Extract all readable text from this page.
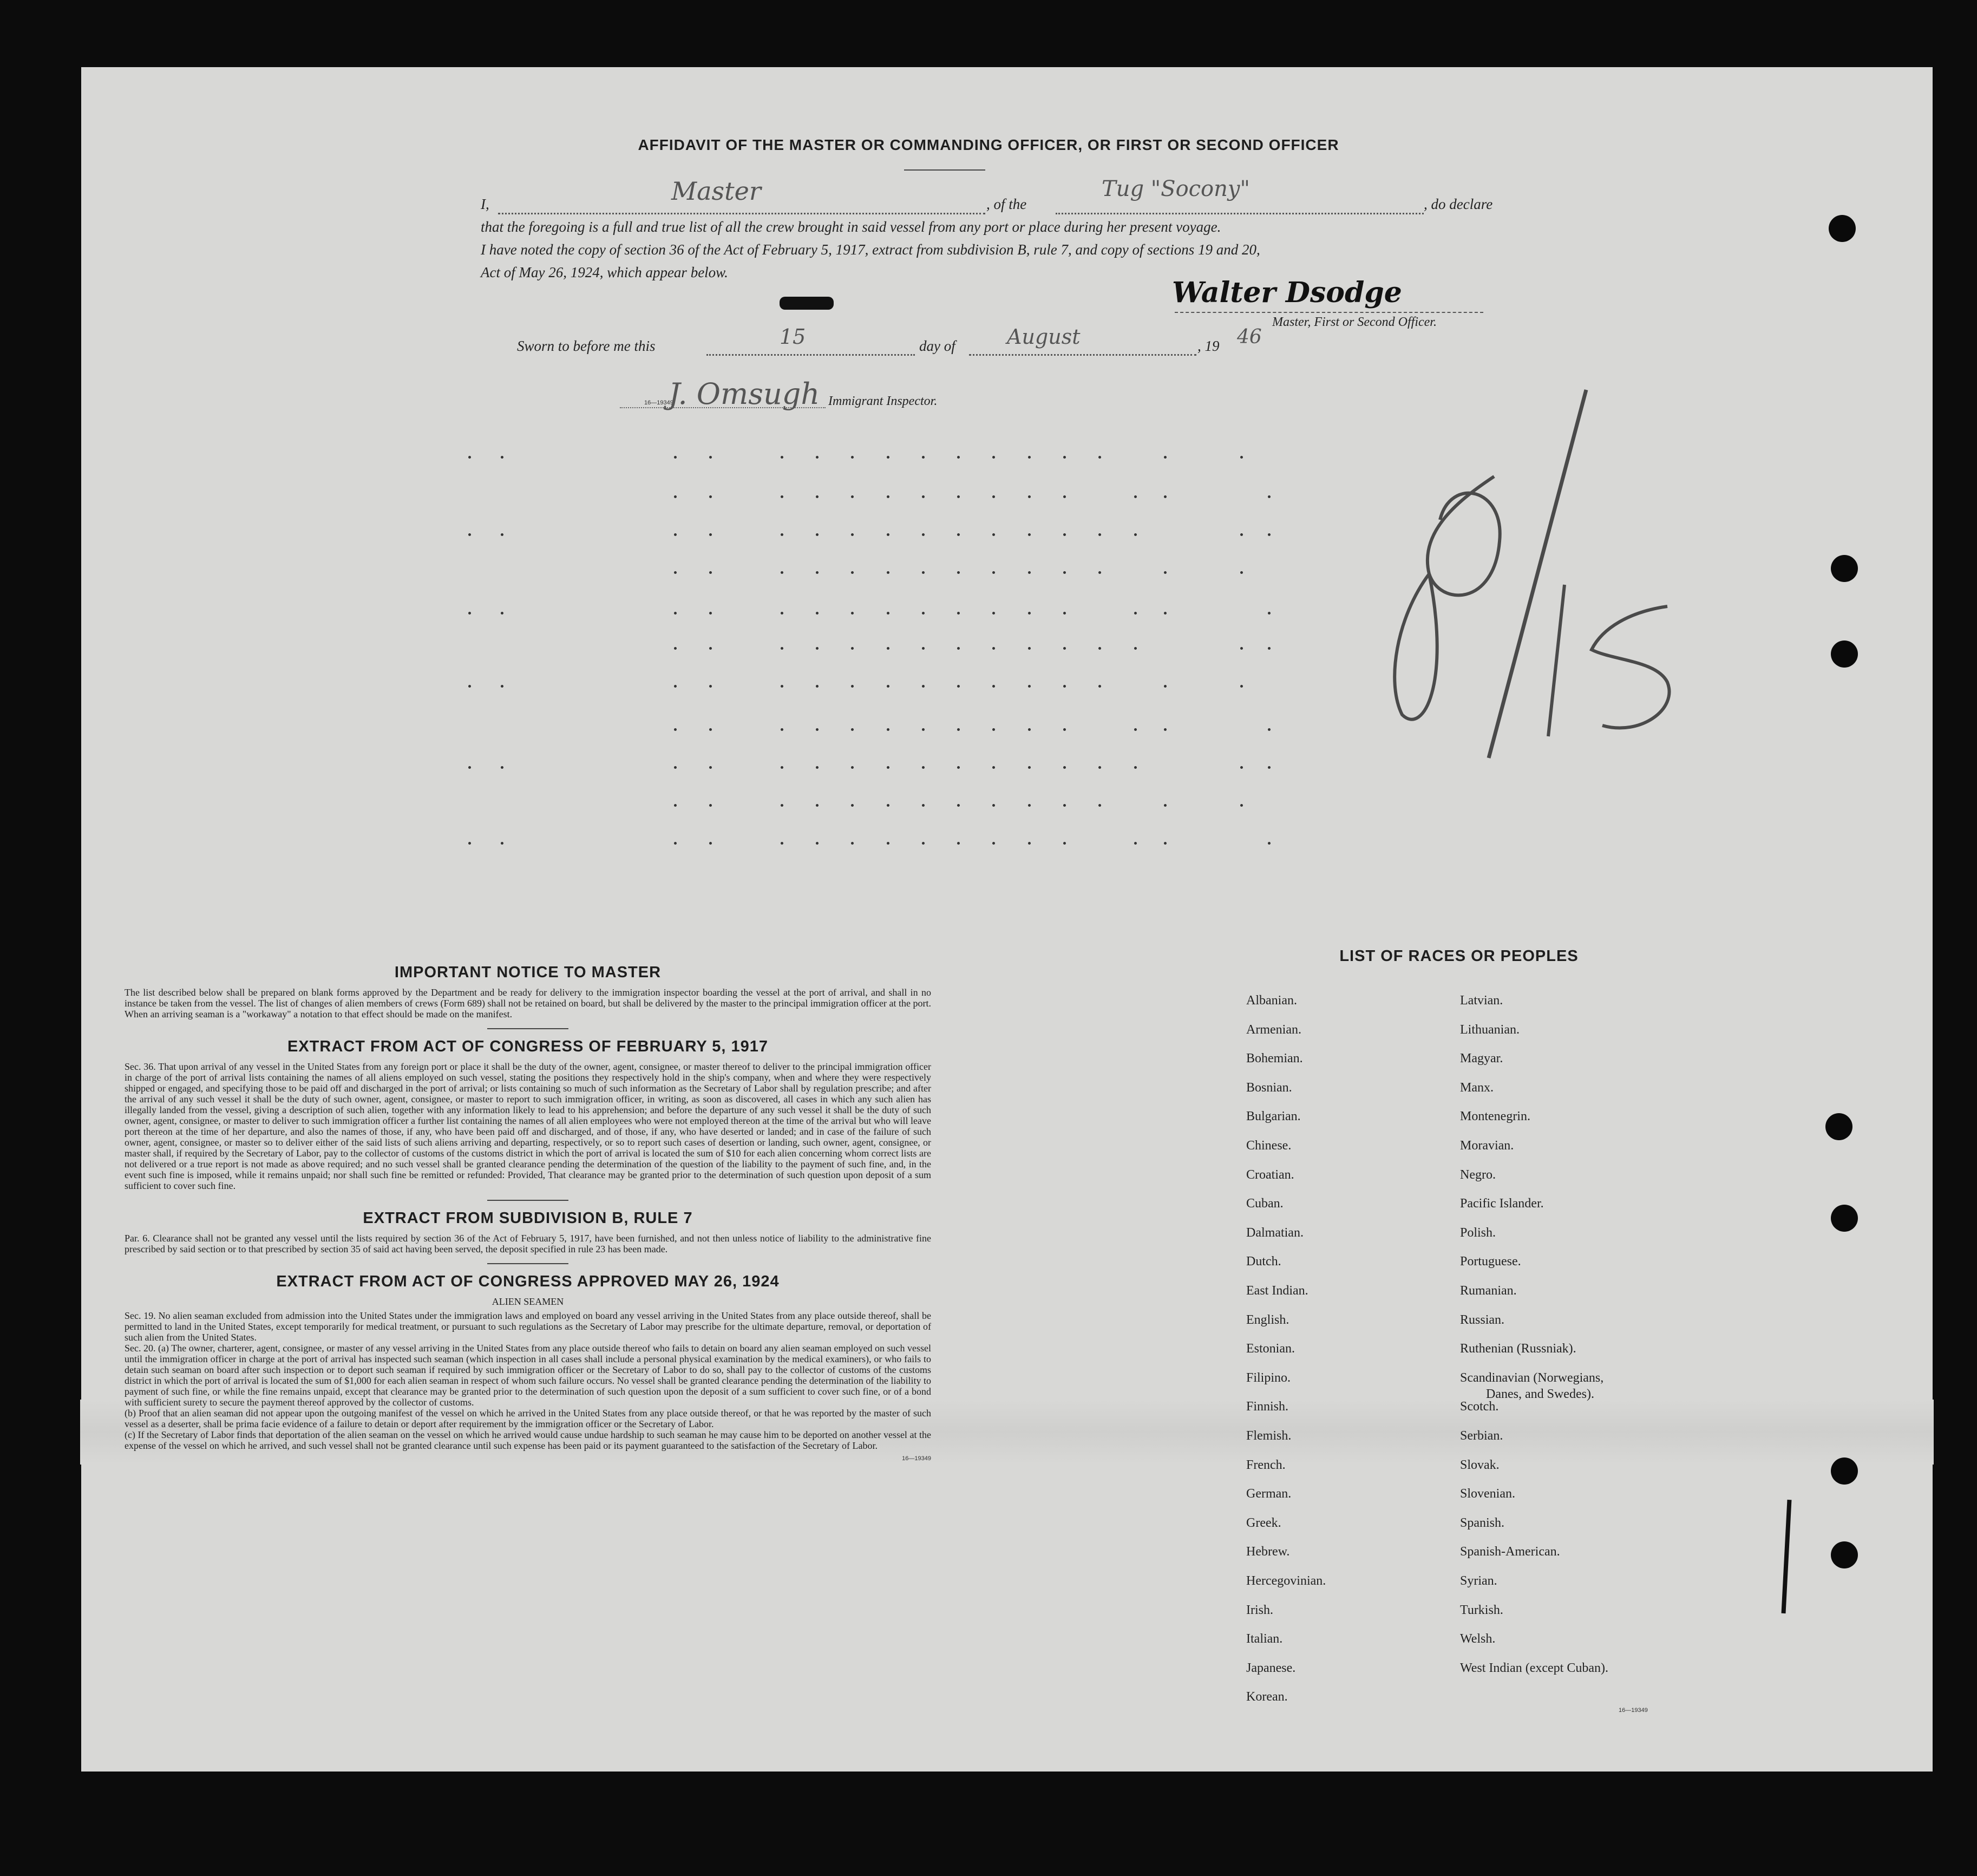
AFFIDAVIT OF THE MASTER OR COMMANDING OFFICER, OR FIRST OR SECOND OFFICER
I,	Master	, of the
Tug "Socony"
, do declare
that the foregoing is a full and true list of all the crew brought in said vessel from any port or place during her present voyage.
I have noted the copy of section 36 of the Act of February 5, 1917, extract from subdivision B, rule 7, and copy of sections 19 and 20,
Act of May 26, 1924, which appear below.
Walter Dsodge
Master, First or Second Officer.
Sworn to before me this	15	day of	August	, 19 46
16—19349
J. Omsugh Immigrant Inspector.

IMPORTANT NOTICE TO MASTER

The list described below shall be prepared on blank forms approved by the Department and be ready for delivery to the immigration inspector boarding the vessel at the port of arrival, and shall in no instance be taken from the vessel. The list of changes of alien members of crews (Form 689) shall not be retained on board, but shall be delivered by the master to the principal immigration officer at the port. When an arriving seaman is a "workaway" a notation to that effect should be made on the manifest.

EXTRACT FROM ACT OF CONGRESS OF FEBRUARY 5, 1917

Sec. 36. That upon arrival of any vessel in the United States from any foreign port or place it shall be the duty of the owner, agent, consignee, or master thereof to deliver to the principal immigration officer in charge of the port of arrival lists containing the names of all aliens employed on such vessel, stating the positions they respectively hold in the ship's company, when and where they were respectively shipped or engaged, and specifying those to be paid off and discharged in the port of arrival; or lists containing so much of such information as the Secretary of Labor shall by regulation prescribe; and after the arrival of any such vessel it shall be the duty of such owner, agent, consignee, or master to report to such immigration officer, in writing, as soon as discovered, all cases in which any such alien has illegally landed from the vessel, giving a description of such alien, together with any information likely to lead to his apprehension; and before the departure of any such vessel it shall be the duty of such owner, agent, consignee, or master to deliver to such immigration officer a further list containing the names of all alien employees who were not employed thereon at the time of the arrival but who will leave port thereon at the time of her departure, and also the names of those, if any, who have been paid off and discharged, and of those, if any, who have deserted or landed; and in case of the failure of such owner, agent, consignee, or master so to deliver either of the said lists of such aliens arriving and departing, respectively, or so to report such cases of desertion or landing, such owner, agent, consignee, or master shall, if required by the Secretary of Labor, pay to the collector of customs of the customs district in which the port of arrival is located the sum of $10 for each alien concerning whom correct lists are not delivered or a true report is not made as above required; and no such vessel shall be granted clearance pending the determination of the question of the liability to the payment of such fine, and, in the event such fine is imposed, while it remains unpaid; nor shall such fine be remitted or refunded: Provided, That clearance may be granted prior to the determination of such question upon deposit of a sum sufficient to cover such fine.

EXTRACT FROM SUBDIVISION B, RULE 7

Par. 6. Clearance shall not be granted any vessel until the lists required by section 36 of the Act of February 5, 1917, have been furnished, and not then unless notice of liability to the administrative fine prescribed by said section or to that prescribed by section 35 of said act having been served, the deposit specified in rule 23 has been made.

EXTRACT FROM ACT OF CONGRESS APPROVED MAY 26, 1924

ALIEN SEAMEN

Sec. 19. No alien seaman excluded from admission into the United States under the immigration laws and employed on board any vessel arriving in the United States from any place outside thereof, shall be permitted to land in the United States, except temporarily for medical treatment, or pursuant to such regulations as the Secretary of Labor may prescribe for the ultimate departure, removal, or deportation of such alien from the United States.

Sec. 20. (a) The owner, charterer, agent, consignee, or master of any vessel arriving in the United States from any place outside thereof who fails to detain on board any alien seaman employed on such vessel until the immigration officer in charge at the port of arrival has inspected such seaman (which inspection in all cases shall include a personal physical examination by the medical examiners), or who fails to detain such seaman on board after such inspection or to deport such seaman if required by such immigration officer or the Secretary of Labor to do so, shall pay to the collector of customs of the customs district in which the port of arrival is located the sum of $1,000 for each alien seaman in respect of whom such failure occurs. No vessel shall be granted clearance pending the determination of the liability to payment of such fine, or while the fine remains unpaid, except that clearance may be granted prior to the determination of such question upon the deposit of a sum sufficient to cover such fine, or of a bond with sufficient surety to secure the payment thereof approved by the collector of customs.

(b) Proof that an alien seaman did not appear upon the outgoing manifest of the vessel on which he arrived in the United States from any place outside thereof, or that he was reported by the master of such vessel as a deserter, shall be prima facie evidence of a failure to detain or deport after requirement by the immigration officer or the Secretary of Labor.

(c) If the Secretary of Labor finds that deportation of the alien seaman on the vessel on which he arrived would cause undue hardship to such seaman he may cause him to be deported on another vessel at the expense of the vessel on which he arrived, and such vessel shall not be granted clearance until such expense has been paid or its payment guaranteed to the satisfaction of the Secretary of Labor.

16—19349
LIST OF RACES OR PEOPLES
Albanian.
Armenian.
Bohemian.
Bosnian.
Bulgarian.
Chinese.
Croatian.
Cuban.
Dalmatian.
Dutch.
East Indian.
English.
Estonian.
Filipino.
Finnish.
Flemish.
French.
German.
Greek.
Hebrew.
Hercegovinian.
Irish.
Italian.
Japanese.
Korean.
Latvian.
Lithuanian.
Magyar.
Manx.
Montenegrin.
Moravian.
Negro.
Pacific Islander.
Polish.
Portuguese.
Rumanian.
Russian.
Ruthenian (Russniak).
Scandinavian (Norwegians,
Danes, and Swedes).
Scotch.
Serbian.
Slovak.
Slovenian.
Spanish.
Spanish-American.
Syrian.
Turkish.
Welsh.
West Indian (except Cuban).
16—19349
